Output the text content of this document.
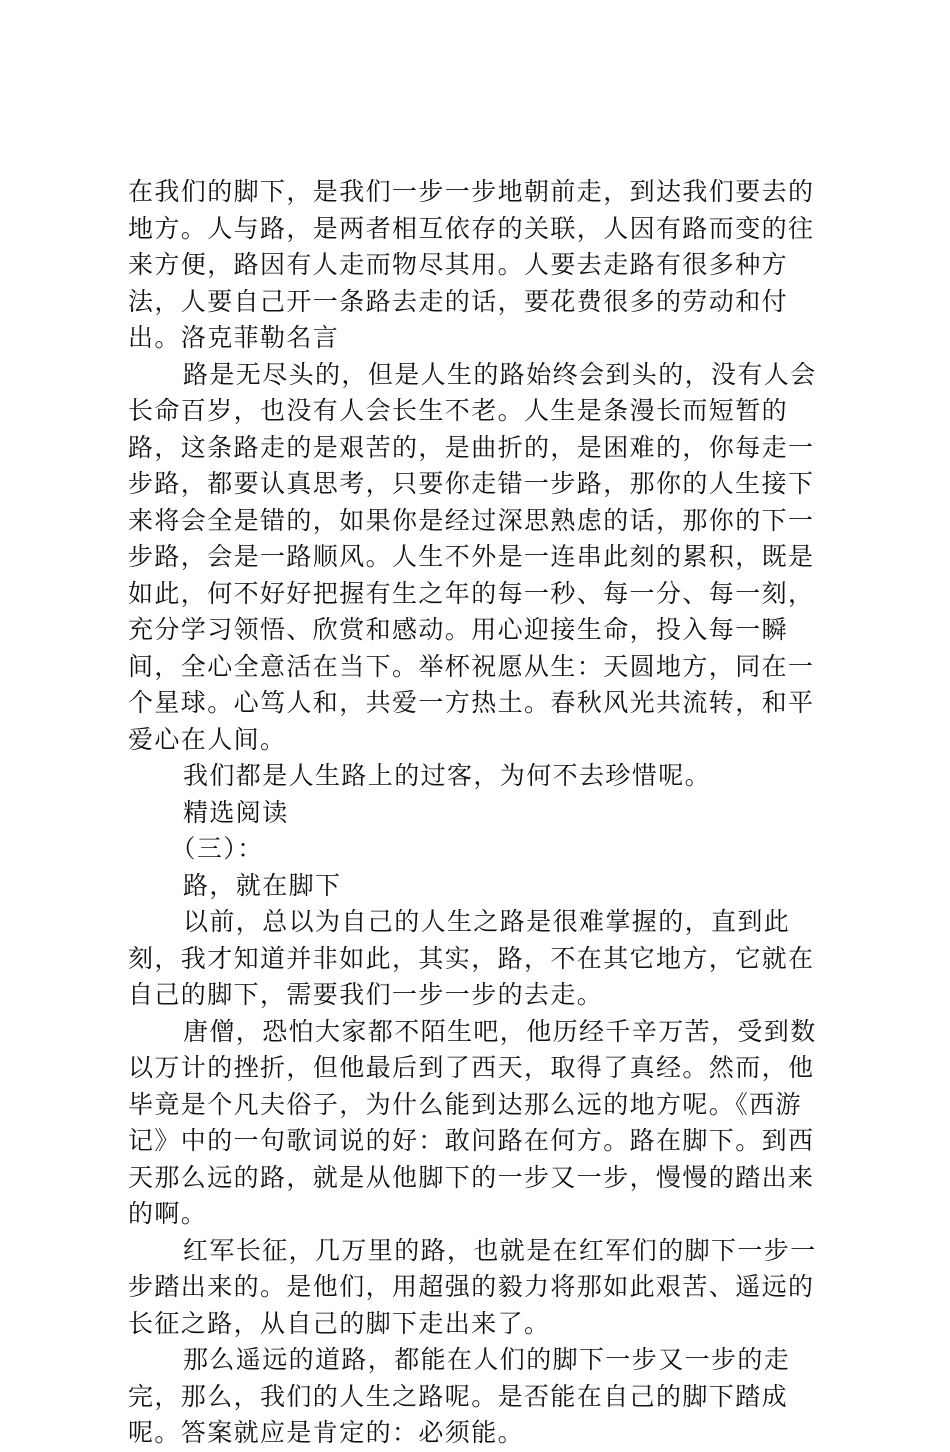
在我们的脚下，是我们一步一步地朝前走，到达我们要去的地方。人与路，是两者相互依存的关联，人因有路而变的往来方便，路因有人走而物尽其用。人要去走路有很多种方法，人要自己开一条路去走的话，要花费很多的劳动和付出。洛克菲勒名言

路是无尽头的，但是人生的路始终会到头的，没有人会长命百岁，也没有人会长生不老。人生是条漫长而短暂的路，这条路走的是艰苦的，是曲折的，是困难的，你每走一步路，都要认真思考，只要你走错一步路，那你的人生接下来将会全是错的，如果你是经过深思熟虑的话，那你的下一步路，会是一路顺风。人生不外是一连串此刻的累积，既是如此，何不好好把握有生之年的每一秒、每一分、每一刻，充分学习领悟、欣赏和感动。用心迎接生命，投入每一瞬间，全心全意活在当下。举杯祝愿从生：天圆地方，同在一个星球。心笃人和，共爱一方热土。春秋风光共流转，和平爱心在人间。

我们都是人生路上的过客，为何不去珍惜呢。

精选阅读

（三）：

路，就在脚下

以前，总以为自己的人生之路是很难掌握的，直到此刻，我才知道并非如此，其实，路，不在其它地方，它就在自己的脚下，需要我们一步一步的去走。

唐僧，恐怕大家都不陌生吧，他历经千辛万苦，受到数以万计的挫折，但他最后到了西天，取得了真经。然而，他毕竟是个凡夫俗子，为什么能到达那么远的地方呢。《西游记》中的一句歌词说的好：敢问路在何方。路在脚下。到西天那么远的路，就是从他脚下的一步又一步，慢慢的踏出来的啊。

红军长征，几万里的路，也就是在红军们的脚下一步一步踏出来的。是他们，用超强的毅力将那如此艰苦、遥远的长征之路，从自己的脚下走出来了。

那么遥远的道路，都能在人们的脚下一步又一步的走完，那么，我们的人生之路呢。是否能在自己的脚下踏成呢。答案就应是肯定的：必须能。
